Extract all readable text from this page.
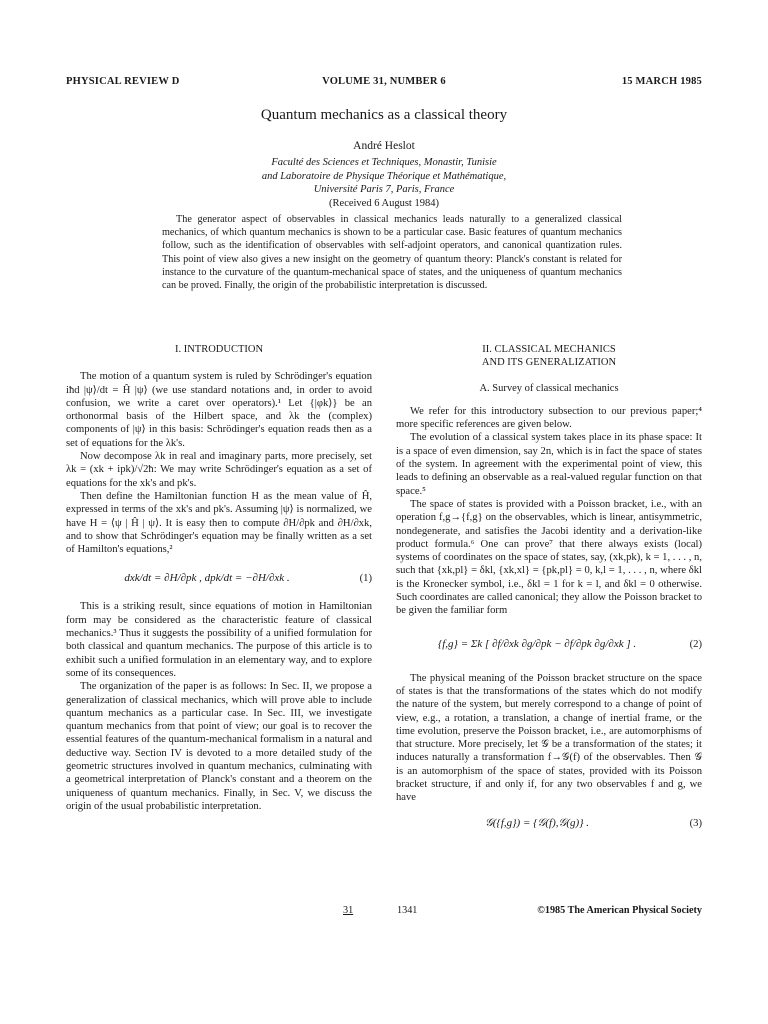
PHYSICAL REVIEW D	VOLUME 31, NUMBER 6	15 MARCH 1985
Quantum mechanics as a classical theory
André Heslot
Faculté des Sciences et Techniques, Monastir, Tunisie
and Laboratoire de Physique Théorique et Mathématique,
Université Paris 7, Paris, France
(Received 6 August 1984)

The generator aspect of observables in classical mechanics leads naturally to a generalized classical mechanics, of which quantum mechanics is shown to be a particular case. Basic features of quantum mechanics follow, such as the identification of observables with self-adjoint operators, and canonical quantization rules. This point of view also gives a new insight on the geometry of quantum theory: Planck's constant is related for instance to the curvature of the quantum-mechanical space of states, and the uniqueness of quantum mechanics can be proved. Finally, the origin of the probabilistic interpretation is discussed.

I. INTRODUCTION

The motion of a quantum system is ruled by Schrödinger's equation iħd |ψ⟩/dt = Ĥ |ψ⟩ (we use standard notations and, in order to avoid confusion, we write a caret over operators).¹ Let {|φk⟩} be an orthonormal basis of the Hilbert space, and λk the (complex) components of |ψ⟩ in this basis: Schrödinger's equation reads then as a set of equations for the λk's.

Now decompose λk in real and imaginary parts, more precisely, set λk = (xk + ipk)/√2ħ: We may write Schrödinger's equation as a set of equations for the xk's and pk's.

Then define the Hamiltonian function H as the mean value of Ĥ, expressed in terms of the xk's and pk's. Assuming |ψ⟩ is normalized, we have H = ⟨ψ | Ĥ | ψ⟩. It is easy then to compute ∂H/∂pk and ∂H/∂xk, and to show that Schrödinger's equation may be finally written as a set of Hamilton's equations,²

dxk/dt = ∂H/∂pk , dpk/dt = −∂H/∂xk .	(1)

This is a striking result, since equations of motion in Hamiltonian form may be considered as the characteristic feature of classical mechanics.³ Thus it suggests the possibility of a unified formulation for both classical and quantum mechanics. The purpose of this article is to exhibit such a unified formulation in an elementary way, and to explore some of its consequences.

The organization of the paper is as follows: In Sec. II, we propose a generalization of classical mechanics, which will prove able to include quantum mechanics as a particular case. In Sec. III, we investigate quantum mechanics from that point of view; our goal is to recover the essential features of the quantum-mechanical formalism in a natural and deductive way. Section IV is devoted to a more detailed study of the geometric structures involved in quantum mechanics, culminating with a geometrical interpretation of Planck's constant and a theorem on the uniqueness of quantum mechanics. Finally, in Sec. V, we discuss the origin of the usual probabilistic interpretation.

II. CLASSICAL MECHANICS
AND ITS GENERALIZATION
A. Survey of classical mechanics

We refer for this introductory subsection to our previous paper;⁴ more specific references are given below.

The evolution of a classical system takes place in its phase space: It is a space of even dimension, say 2n, which is in fact the space of states of the system. In agreement with the experimental point of view, this leads to defining an observable as a real-valued regular function on that space.⁵

The space of states is provided with a Poisson bracket, i.e., with an operation f,g→{f,g} on the observables, which is linear, antisymmetric, nondegenerate, and satisfies the Jacobi identity and a derivation-like product formula.⁶ One can prove⁷ that there always exists (local) systems of coordinates on the space of states, say, (xk,pk), k = 1, . . . , n, such that {xk,pl} = δkl, {xk,xl} = {pk,pl} = 0, k,l = 1, . . . , n, where δkl is the Kronecker symbol, i.e., δkl = 1 for k = l, and δkl = 0 otherwise. Such coordinates are called canonical; they allow the Poisson bracket to be given the familiar form

{f,g} = Σk [ ∂f/∂xk ∂g/∂pk − ∂f/∂pk ∂g/∂xk ] .	(2)

The physical meaning of the Poisson bracket structure on the space of states is that the transformations of the states which do not modify the nature of the system, but merely correspond to a change of point of view, e.g., a rotation, a translation, a change of inertial frame, or the time evolution, preserve the Poisson bracket, i.e., are automorphisms of that structure. More precisely, let 𝒢 be a transformation of the states; it induces naturally a transformation f→𝒢(f) of the observables. Then 𝒢 is an automorphism of the space of states, provided with its Poisson bracket structure, if and only if, for any two observables f and g, we have

𝒢({f,g}) = {𝒢(f),𝒢(g)} .	(3)
31	1341	©1985 The American Physical Society
